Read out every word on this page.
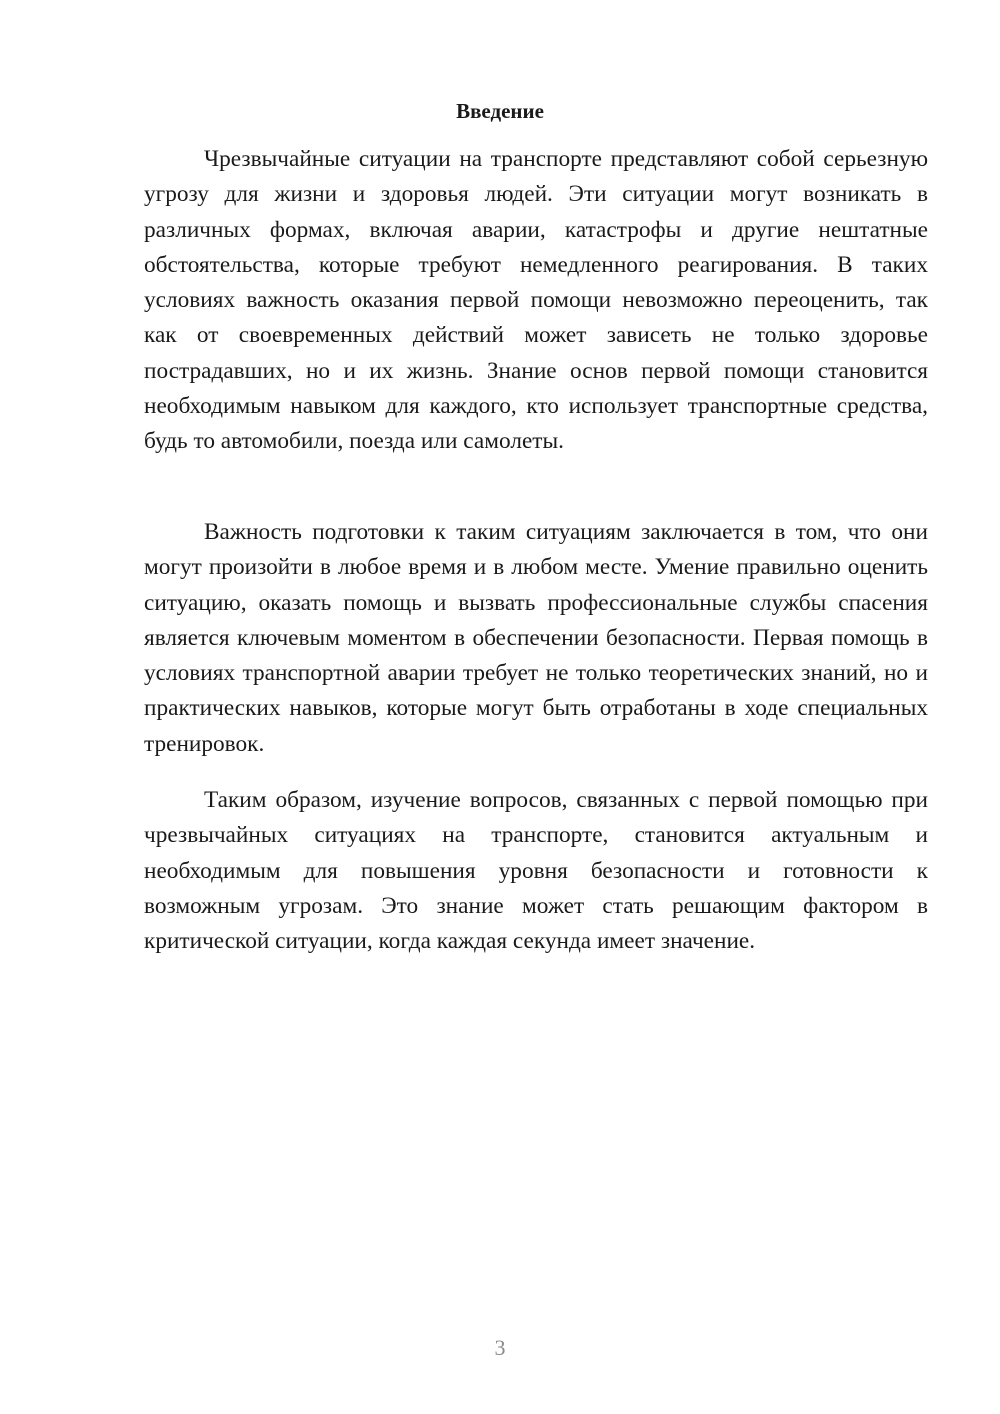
Введение

Чрезвычайные ситуации на транспорте представляют собой серьезную угрозу для жизни и здоровья людей. Эти ситуации могут возникать в различных формах, включая аварии, катастрофы и другие нештатные обстоятельства, которые требуют немедленного реагирования. В таких условиях важность оказания первой помощи невозможно переоценить, так как от своевременных действий может зависеть не только здоровье пострадавших, но и их жизнь. Знание основ первой помощи становится необходимым навыком для каждого, кто использует транспортные средства, будь то автомобили, поезда или самолеты.

Важность подготовки к таким ситуациям заключается в том, что они могут произойти в любое время и в любом месте. Умение правильно оценить ситуацию, оказать помощь и вызвать профессиональные службы спасения является ключевым моментом в обеспечении безопасности. Первая помощь в условиях транспортной аварии требует не только теоретических знаний, но и практических навыков, которые могут быть отработаны в ходе специальных тренировок.

Таким образом, изучение вопросов, связанных с первой помощью при чрезвычайных ситуациях на транспорте, становится актуальным и необходимым для повышения уровня безопасности и готовности к возможным угрозам. Это знание может стать решающим фактором в критической ситуации, когда каждая секунда имеет значение.

3
